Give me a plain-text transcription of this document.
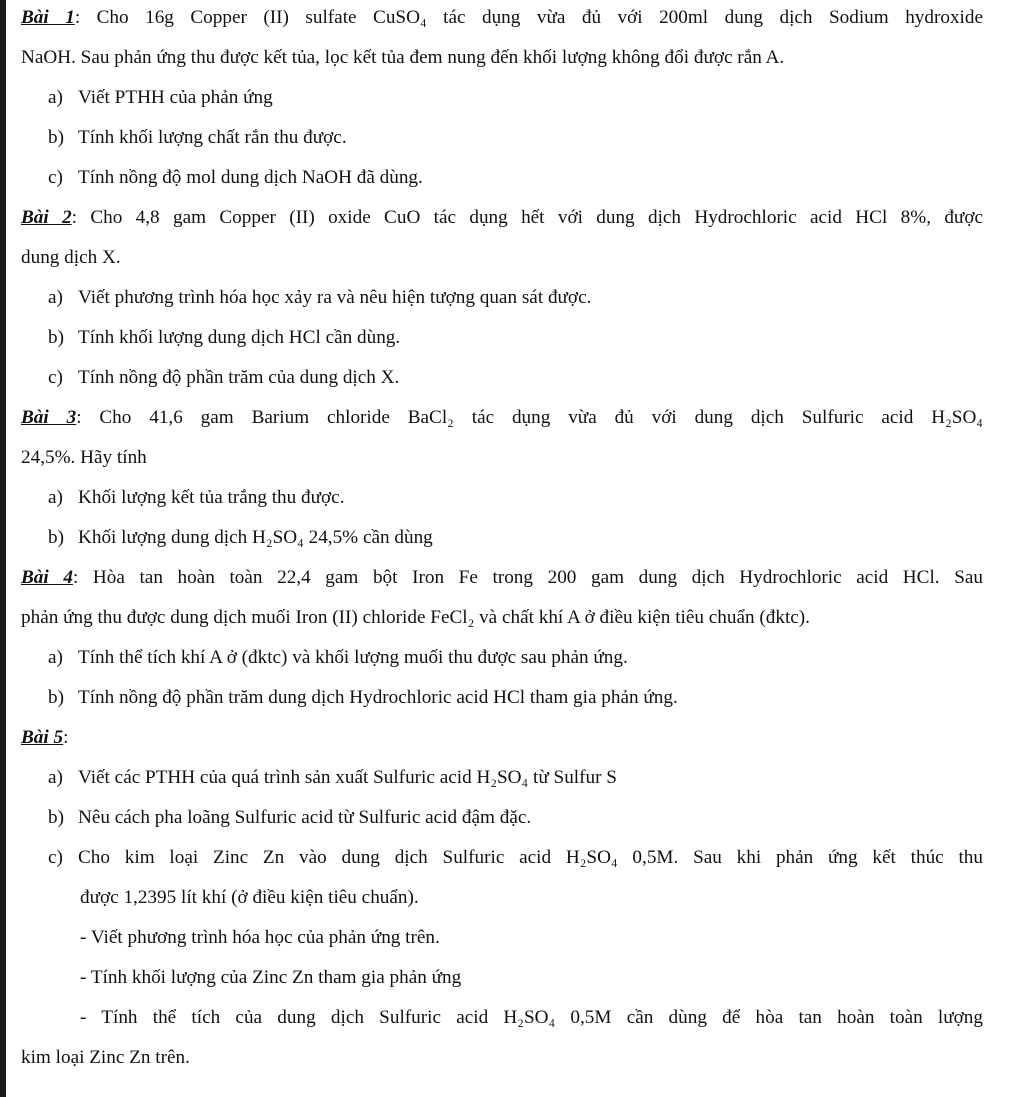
Bài 1: Cho 16g Copper (II) sulfate CuSO₄ tác dụng vừa đủ với 200ml dung dịch Sodium hydroxide
NaOH. Sau phản ứng thu được kết tủa, lọc kết tủa đem nung đến khối lượng không đổi được rắn A.
a) Viết PTHH của phản ứng
b) Tính khối lượng chất rắn thu được.
c) Tính nồng độ mol dung dịch NaOH đã dùng.
Bài 2: Cho 4,8 gam Copper (II) oxide CuO tác dụng hết với dung dịch Hydrochloric acid HCl 8%, được
dung dịch X.
a) Viết phương trình hóa học xảy ra và nêu hiện tượng quan sát được.
b) Tính khối lượng dung dịch HCl cần dùng.
c) Tính nồng độ phần trăm của dung dịch X.
Bài 3: Cho 41,6 gam Barium chloride BaCl₂ tác dụng vừa đủ với dung dịch Sulfuric acid H₂SO₄
24,5%. Hãy tính
a) Khối lượng kết tủa trắng thu được.
b) Khối lượng dung dịch H₂SO₄ 24,5% cần dùng
Bài 4: Hòa tan hoàn toàn 22,4 gam bột Iron Fe trong 200 gam dung dịch Hydrochloric acid HCl. Sau
phản ứng thu được dung dịch muối Iron (II) chloride FeCl₂ và chất khí A ở điều kiện tiêu chuẩn (đktc).
a) Tính thể tích khí A ở (đktc) và khối lượng muối thu được sau phản ứng.
b) Tính nồng độ phần trăm dung dịch Hydrochloric acid HCl tham gia phản ứng.
Bài 5:
a) Viết các PTHH của quá trình sản xuất Sulfuric acid H₂SO₄ từ Sulfur S
b) Nêu cách pha loãng Sulfuric acid từ Sulfuric acid đậm đặc.
c) Cho kim loại Zinc Zn vào dung dịch Sulfuric acid H₂SO₄ 0,5M. Sau khi phản ứng kết thúc thu
được 1,2395 lít khí (ở điều kiện tiêu chuẩn).
- Viết phương trình hóa học của phản ứng trên.
- Tính khối lượng của Zinc Zn tham gia phản ứng
- Tính thể tích của dung dịch Sulfuric acid H₂SO₄ 0,5M cần dùng để hòa tan hoàn toàn lượng
kim loại Zinc Zn trên.
